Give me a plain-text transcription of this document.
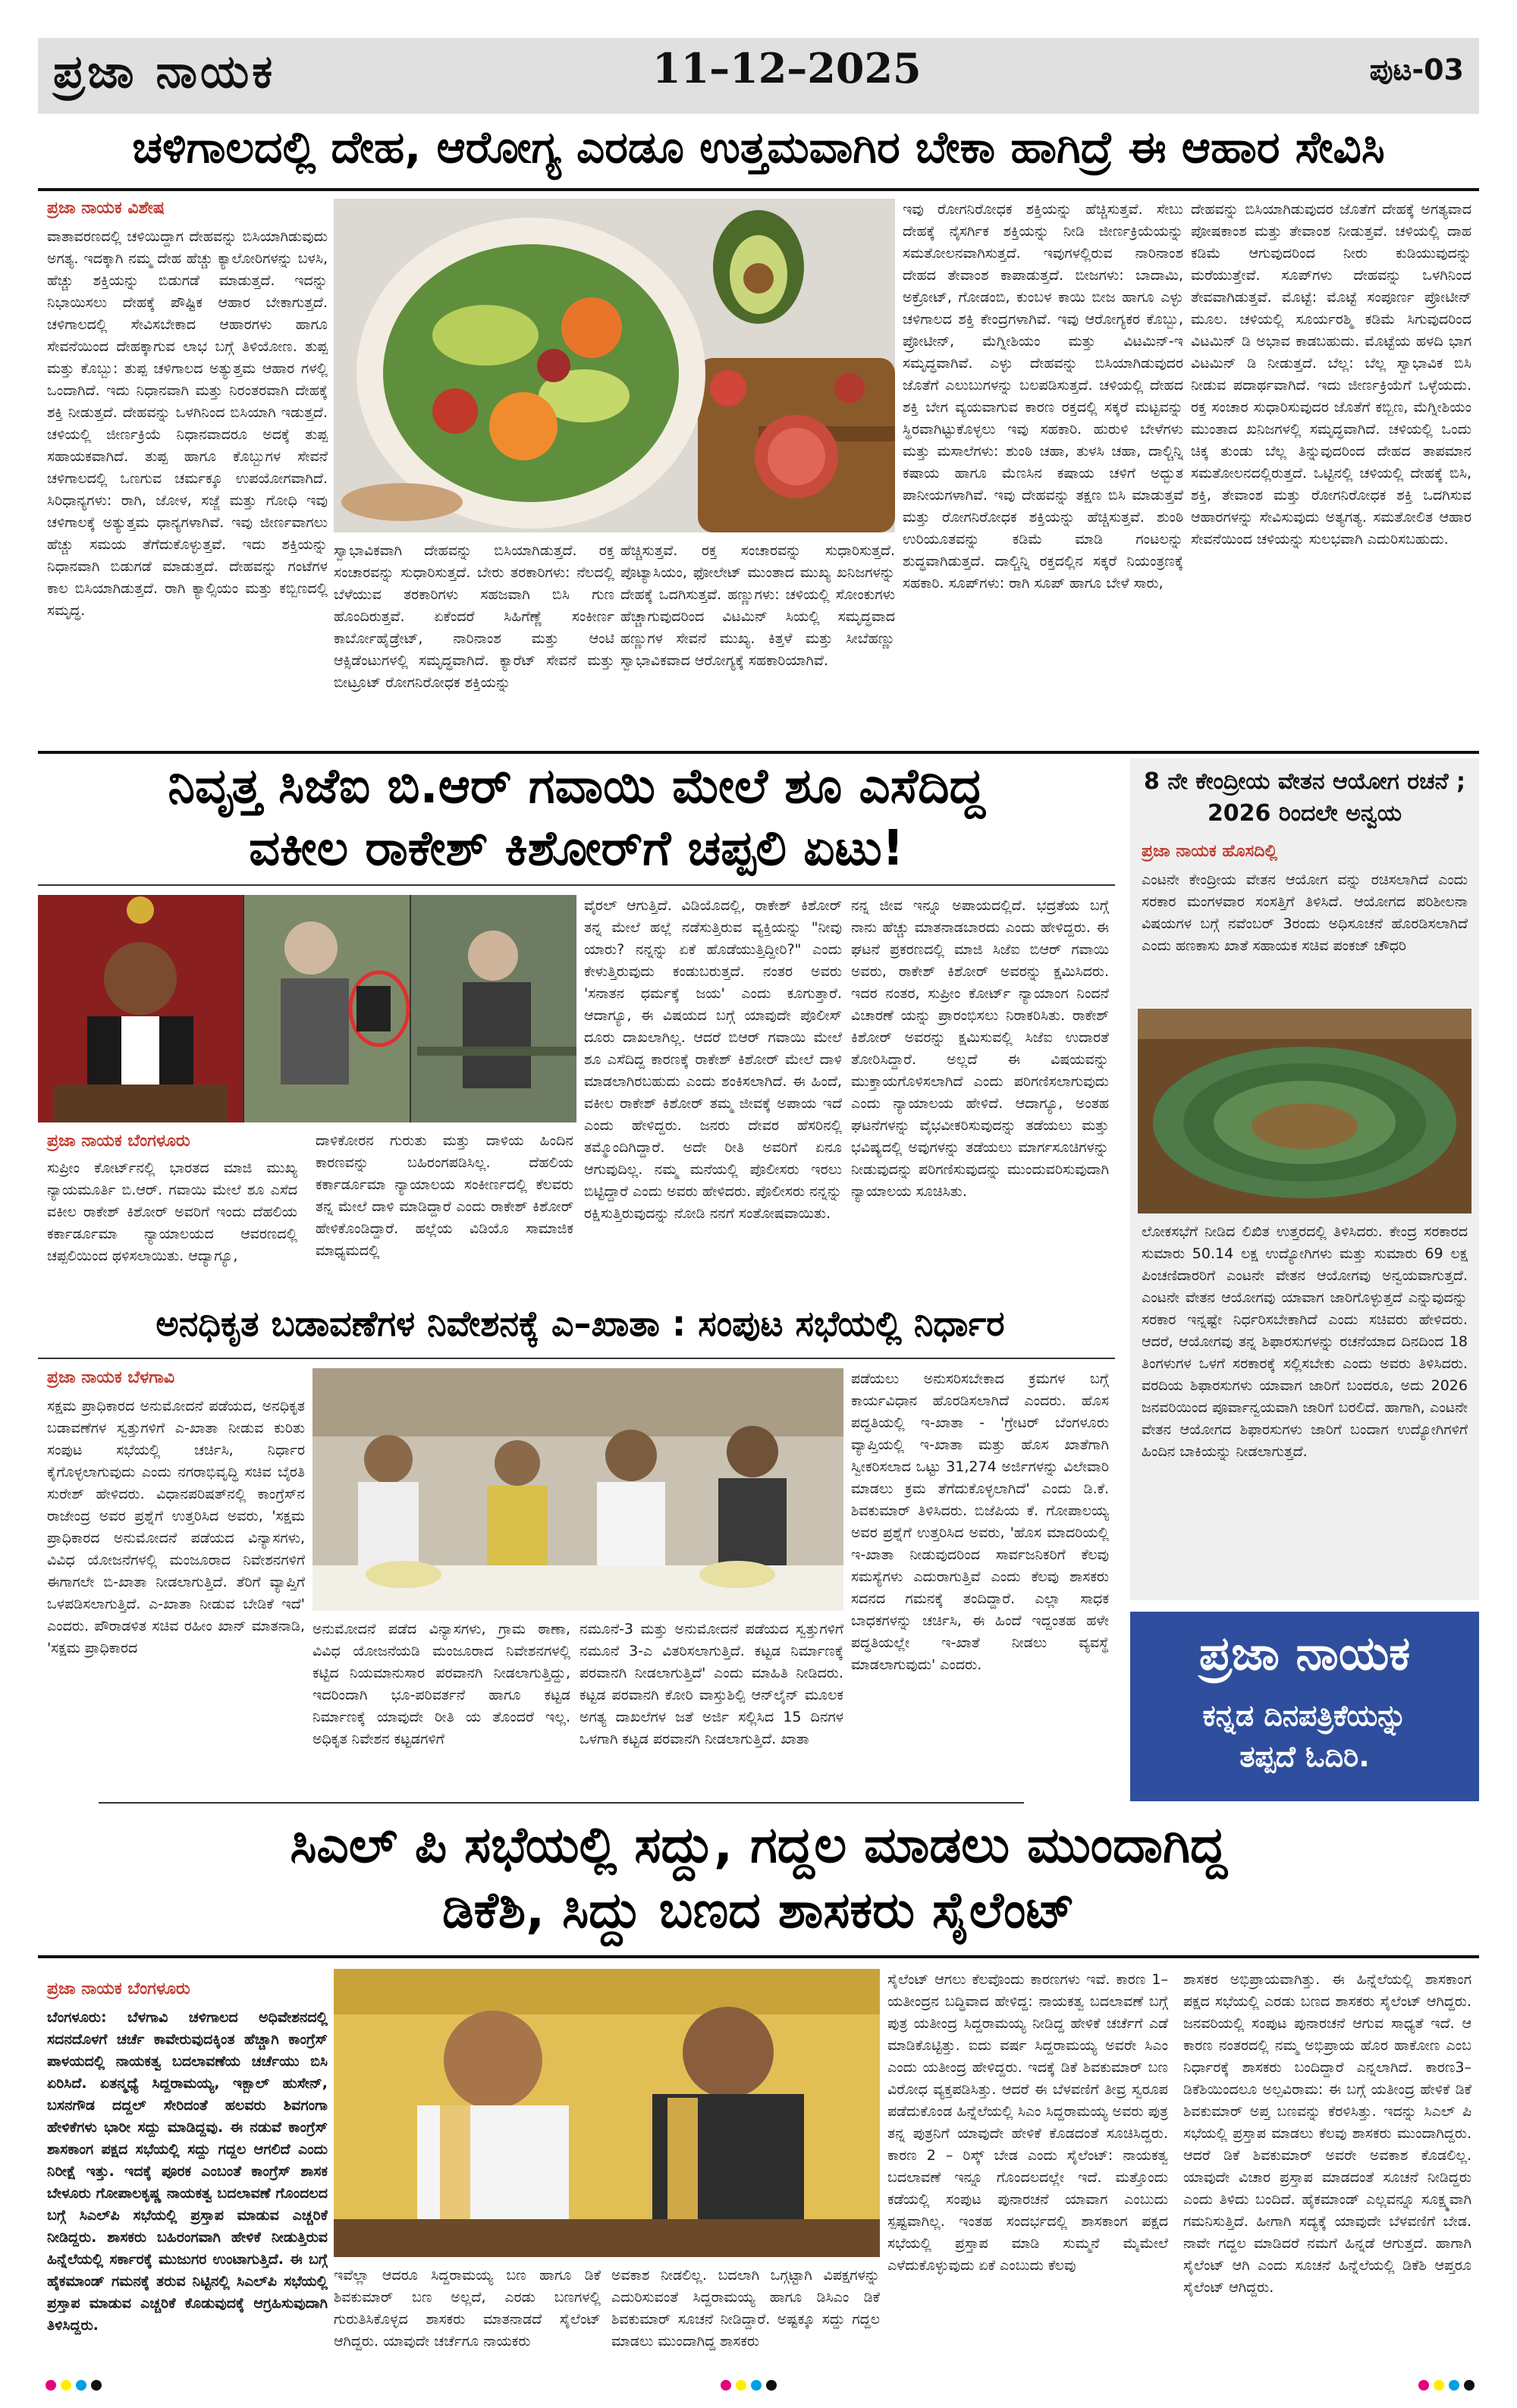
ಪ್ರಜಾ ನಾಯಕ	11–12–2025	ಪುಟ-03
ಚಳಿಗಾಲದಲ್ಲಿ ದೇಹ, ಆರೋಗ್ಯ ಎರಡೂ ಉತ್ತಮವಾಗಿರ ಬೇಕಾ ಹಾಗಿದ್ರೆ ಈ ಆಹಾರ ಸೇವಿಸಿ
ಪ್ರಜಾ ನಾಯಕ ವಿಶೇಷ
ವಾತಾವರಣದಲ್ಲಿ ಚಳಿಯಿದ್ದಾಗ ದೇಹವನ್ನು ಬಿಸಿಯಾಗಿಡುವುದು ಅಗತ್ಯ. ಇದಕ್ಕಾಗಿ ನಮ್ಮ ದೇಹ ಹೆಚ್ಚು ಕ್ಯಾಲೋರಿಗಳನ್ನು ಬಳಸಿ, ಹೆಚ್ಚು ಶಕ್ತಿಯನ್ನು ಬಿಡುಗಡೆ ಮಾಡುತ್ತದೆ. ಇದನ್ನು ನಿಭಾಯಿಸಲು ದೇಹಕ್ಕೆ ಪೌಷ್ಟಿಕ ಆಹಾರ ಬೇಕಾಗುತ್ತದೆ. ಚಳಿಗಾಲದಲ್ಲಿ ಸೇವಿಸಬೇಕಾದ ಆಹಾರಗಳು ಹಾಗೂ ಸೇವನೆಯಿಂದ ದೇಹಕ್ಕಾಗುವ ಲಾಭ ಬಗ್ಗೆ ತಿಳಿಯೋಣ. ತುಪ್ಪ ಮತ್ತು ಕೊಬ್ಬು: ತುಪ್ಪ ಚಳಿಗಾಲದ ಅತ್ಯುತ್ತಮ ಆಹಾರ ಗಳಲ್ಲಿ ಒಂದಾಗಿದೆ. ಇದು ನಿಧಾನವಾಗಿ ಮತ್ತು ನಿರಂತರವಾಗಿ ದೇಹಕ್ಕೆ ಶಕ್ತಿ ನೀಡುತ್ತದೆ. ದೇಹವನ್ನು ಒಳಗಿನಿಂದ ಬಿಸಿಯಾಗಿ ಇಡುತ್ತದೆ. ಚಳಿಯಲ್ಲಿ ಜೀರ್ಣಕ್ರಿಯೆ ನಿಧಾನವಾದರೂ ಅದಕ್ಕೆ ತುಪ್ಪ ಸಹಾಯಕವಾಗಿದೆ. ತುಪ್ಪ ಹಾಗೂ ಕೊಬ್ಬುಗಳ ಸೇವನೆ ಚಳಿಗಾಲದಲ್ಲಿ ಒಣಗುವ ಚರ್ಮಕ್ಕೂ ಉಪಯೋಗವಾಗಿದೆ. ಸಿರಿಧಾನ್ಯಗಳು: ರಾಗಿ, ಜೋಳ, ಸಜ್ಜೆ ಮತ್ತು ಗೋಧಿ ಇವು ಚಳಿಗಾಲಕ್ಕೆ ಅತ್ಯುತ್ತಮ ಧಾನ್ಯಗಳಾಗಿವೆ. ಇವು ಜೀರ್ಣವಾಗಲು ಹೆಚ್ಚು ಸಮಯ ತೆಗೆದುಕೊಳ್ಳುತ್ತವೆ. ಇದು ಶಕ್ತಿಯನ್ನು ನಿಧಾನವಾಗಿ ಬಿಡುಗಡೆ ಮಾಡುತ್ತದೆ. ದೇಹವನ್ನು ಗಂಟೆಗಳ ಕಾಲ ಬಿಸಿಯಾಗಿಡುತ್ತದೆ. ರಾಗಿ ಕ್ಯಾಲ್ಸಿಯಂ ಮತ್ತು ಕಬ್ಬಿಣದಲ್ಲಿ ಸಮೃದ್ಧ.
ಸ್ವಾಭಾವಿಕವಾಗಿ ದೇಹವನ್ನು ಬಿಸಿಯಾಗಿಡುತ್ತದೆ. ರಕ್ತ ಸಂಚಾರವನ್ನು ಸುಧಾರಿಸುತ್ತದೆ. ಬೇರು ತರಕಾರಿಗಳು: ನೆಲದಲ್ಲಿ ಬೆಳೆಯುವ ತರಕಾರಿಗಳು ಸಹಜವಾಗಿ ಬಿಸಿ ಗುಣ ಹೊಂದಿರುತ್ತವೆ. ಏಕೆಂದರೆ ಸಿಹಿಗೆಣ್ಣೆ ಸಂಕೀರ್ಣ ಕಾರ್ಬೋಹೈಡ್ರೇಟ್, ನಾರಿನಾಂಶ ಮತ್ತು ಆಂಟಿ ಆಕ್ಸಿಡೆಂಟುಗಳಲ್ಲಿ ಸಮೃದ್ಧವಾಗಿದೆ. ಕ್ಯಾರೆಟ್ ಸೇವನೆ ಮತ್ತು ಬೀಟ್ರೂಟ್ ರೋಗನಿರೋಧಕ ಶಕ್ತಿಯನ್ನು
ಹೆಚ್ಚಿಸುತ್ತವೆ. ರಕ್ತ ಸಂಚಾರವನ್ನು ಸುಧಾರಿಸುತ್ತದೆ. ಪೊಟ್ಯಾಸಿಯಂ, ಫೋಲೇಟ್ ಮುಂತಾದ ಮುಖ್ಯ ಖನಿಜಗಳನ್ನು ದೇಹಕ್ಕೆ ಒದಗಿಸುತ್ತವೆ. ಹಣ್ಣುಗಳು: ಚಳಿಯಲ್ಲಿ ಸೋಂಕುಗಳು ಹೆಚ್ಚಾಗುವುದರಿಂದ ವಿಟಮಿನ್ ಸಿಯಲ್ಲಿ ಸಮೃದ್ಧವಾದ ಹಣ್ಣುಗಳ ಸೇವನೆ ಮುಖ್ಯ. ಕಿತ್ತಳೆ ಮತ್ತು ಸೀಬೆಹಣ್ಣು ಸ್ವಾಭಾವಿಕವಾದ ಆರೋಗ್ಯಕ್ಕೆ ಸಹಕಾರಿಯಾಗಿವೆ.
ಇವು ರೋಗನಿರೋಧಕ ಶಕ್ತಿಯನ್ನು ಹೆಚ್ಚಿಸುತ್ತವೆ. ಸೇಬು ದೇಹಕ್ಕೆ ನೈಸರ್ಗಿಕ ಶಕ್ತಿಯನ್ನು ನೀಡಿ ಜೀರ್ಣಕ್ರಿಯೆಯನ್ನು ಸಮತೋಲನವಾಗಿಸುತ್ತದೆ. ಇವುಗಳಲ್ಲಿರುವ ನಾರಿನಾಂಶ ದೇಹದ ತೇವಾಂಶ ಕಾಪಾಡುತ್ತದೆ. ಬೀಜಗಳು: ಬಾದಾಮಿ, ಅಕ್ರೋಟ್, ಗೋಡಂಬಿ, ಕುಂಬಳ ಕಾಯಿ ಬೀಜ ಹಾಗೂ ಎಳ್ಳು ಚಳಿಗಾಲದ ಶಕ್ತಿ ಕೇಂದ್ರಗಳಾಗಿವೆ. ಇವು ಆರೋಗ್ಯಕರ ಕೊಬ್ಬು, ಪ್ರೋಟೀನ್, ಮೆಗ್ನೀಶಿಯಂ ಮತ್ತು ವಿಟಮಿನ್-ಇ ಸಮೃದ್ಧವಾಗಿವೆ. ಎಳ್ಳು ದೇಹವನ್ನು ಬಿಸಿಯಾಗಿಡುವುದರ ಜೊತೆಗೆ ಎಲುಬುಗಳನ್ನು ಬಲಪಡಿಸುತ್ತದೆ. ಚಳಿಯಲ್ಲಿ ದೇಹದ ಶಕ್ತಿ ಬೇಗ ವ್ಯಯವಾಗುವ ಕಾರಣ ರಕ್ತದಲ್ಲಿ ಸಕ್ಕರೆ ಮಟ್ಟವನ್ನು ಸ್ಥಿರವಾಗಿಟ್ಟುಕೊಳ್ಳಲು ಇವು ಸಹಕಾರಿ. ಹುರುಳಿ ಬೇಳೆಗಳು ಮತ್ತು ಮಸಾಲೆಗಳು: ಶುಂಠಿ ಚಹಾ, ತುಳಸಿ ಚಹಾ, ದಾಲ್ಚಿನ್ನಿ ಕಷಾಯ ಹಾಗೂ ಮೆಣಸಿನ ಕಷಾಯ ಚಳಿಗೆ ಅದ್ಭುತ ಪಾನೀಯಗಳಾಗಿವೆ. ಇವು ದೇಹವನ್ನು ತಕ್ಷಣ ಬಿಸಿ ಮಾಡುತ್ತವೆ ಮತ್ತು ರೋಗನಿರೋಧಕ ಶಕ್ತಿಯನ್ನು ಹೆಚ್ಚಿಸುತ್ತವೆ. ಶುಂಠಿ ಉರಿಯೂತವನ್ನು ಕಡಿಮೆ ಮಾಡಿ ಗಂಟಲನ್ನು ಶುದ್ಧವಾಗಿಡುತ್ತದೆ. ದಾಲ್ಚಿನ್ನಿ ರಕ್ತದಲ್ಲಿನ ಸಕ್ಕರೆ ನಿಯಂತ್ರಣಕ್ಕೆ ಸಹಕಾರಿ. ಸೂಪ್‌ಗಳು: ರಾಗಿ ಸೂಪ್ ಹಾಗೂ ಬೇಳೆ ಸಾರು,
ದೇಹವನ್ನು ಬಿಸಿಯಾಗಿಡುವುದರ ಜೊತೆಗೆ ದೇಹಕ್ಕೆ ಅಗತ್ಯವಾದ ಪೋಷಕಾಂಶ ಮತ್ತು ತೇವಾಂಶ ನೀಡುತ್ತವೆ. ಚಳಿಯಲ್ಲಿ ದಾಹ ಕಡಿಮೆ ಆಗುವುದರಿಂದ ನೀರು ಕುಡಿಯುವುದನ್ನು ಮರೆಯುತ್ತೇವೆ. ಸೂಪ್‌ಗಳು ದೇಹವನ್ನು ಒಳಗಿನಿಂದ ತೇವವಾಗಿಡುತ್ತವೆ. ಮೊಟ್ಟೆ: ಮೊಟ್ಟೆ ಸಂಪೂರ್ಣ ಪ್ರೋಟೀನ್ ಮೂಲ. ಚಳಿಯಲ್ಲಿ ಸೂರ್ಯರಶ್ಮಿ ಕಡಿಮೆ ಸಿಗುವುದರಿಂದ ವಿಟಮಿನ್ ಡಿ ಅಭಾವ ಕಾಡಬಹುದು. ಮೊಟ್ಟೆಯ ಹಳದಿ ಭಾಗ ವಿಟಮಿನ್ ಡಿ ನೀಡುತ್ತದೆ. ಬೆಲ್ಲ: ಬೆಲ್ಲ ಸ್ವಾಭಾವಿಕ ಬಿಸಿ ನೀಡುವ ಪದಾರ್ಥವಾಗಿದೆ. ಇದು ಜೀರ್ಣಕ್ರಿಯೆಗೆ ಒಳ್ಳೆಯದು. ರಕ್ತ ಸಂಚಾರ ಸುಧಾರಿಸುವುದರ ಜೊತೆಗೆ ಕಬ್ಬಿಣ, ಮೆಗ್ನೀಶಿಯಂ ಮುಂತಾದ ಖನಿಜಗಳಲ್ಲಿ ಸಮೃದ್ಧವಾಗಿದೆ. ಚಳಿಯಲ್ಲಿ ಒಂದು ಚಿಕ್ಕ ತುಂಡು ಬೆಲ್ಲ ತಿನ್ನುವುದರಿಂದ ದೇಹದ ತಾಪಮಾನ ಸಮತೋಲನದಲ್ಲಿರುತ್ತದೆ. ಒಟ್ಟಿನಲ್ಲಿ ಚಳಿಯಲ್ಲಿ ದೇಹಕ್ಕೆ ಬಿಸಿ, ಶಕ್ತಿ, ತೇವಾಂಶ ಮತ್ತು ರೋಗನಿರೋಧಕ ಶಕ್ತಿ ಒದಗಿಸುವ ಆಹಾರಗಳನ್ನು ಸೇವಿಸುವುದು ಅತ್ಯಗತ್ಯ. ಸಮತೋಲಿತ ಆಹಾರ ಸೇವನೆಯಿಂದ ಚಳಿಯನ್ನು ಸುಲಭವಾಗಿ ಎದುರಿಸಬಹುದು.
ನಿವೃತ್ತ ಸಿಜೆಐ ಬಿ.ಆರ್ ಗವಾಯಿ ಮೇಲೆ ಶೂ ಎಸೆದಿದ್ದ
ವಕೀಲ ರಾಕೇಶ್ ಕಿಶೋರ್‌ಗೆ ಚಪ್ಪಲಿ ಏಟು!
ಪ್ರಜಾ ನಾಯಕ ಬೆಂಗಳೂರು
ಸುಪ್ರೀಂ ಕೋರ್ಟ್‌ನಲ್ಲಿ ಭಾರತದ ಮಾಜಿ ಮುಖ್ಯ ನ್ಯಾಯಮೂರ್ತಿ ಬಿ.ಆರ್. ಗವಾಯಿ ಮೇಲೆ ಶೂ ಎಸೆದ ವಕೀಲ ರಾಕೇಶ್ ಕಿಶೋರ್ ಅವರಿಗೆ ಇಂದು ದೆಹಲಿಯ ಕರ್ಕಾರ್ಡೂಮಾ ನ್ಯಾಯಾಲಯದ ಆವರಣದಲ್ಲಿ ಚಪ್ಪಲಿಯಿಂದ ಥಳಿಸಲಾಯಿತು. ಆದ್ಯಾಗ್ಯೂ,
ದಾಳಿಕೋರನ ಗುರುತು ಮತ್ತು ದಾಳಿಯ ಹಿಂದಿನ ಕಾರಣವನ್ನು ಬಹಿರಂಗಪಡಿಸಿಲ್ಲ. ದೆಹಲಿಯ ಕರ್ಕಾರ್ಡೂಮಾ ನ್ಯಾಯಾಲಯ ಸಂಕೀರ್ಣದಲ್ಲಿ ಕೆಲವರು ತನ್ನ ಮೇಲೆ ದಾಳಿ ಮಾಡಿದ್ದಾರೆ ಎಂದು ರಾಕೇಶ್ ಕಿಶೋರ್ ಹೇಳಿಕೊಂಡಿದ್ದಾರೆ. ಹಲ್ಲೆಯ ವಿಡಿಯೊ ಸಾಮಾಜಿಕ ಮಾಧ್ಯಮದಲ್ಲಿ
ವೈರಲ್ ಆಗುತ್ತಿದೆ. ವಿಡಿಯೊದಲ್ಲಿ, ರಾಕೇಶ್ ಕಿಶೋರ್ ತನ್ನ ಮೇಲೆ ಹಲ್ಲೆ ನಡೆಸುತ್ತಿರುವ ವ್ಯಕ್ತಿಯನ್ನು "ನೀವು ಯಾರು? ನನ್ನನ್ನು ಏಕೆ ಹೊಡೆಯುತ್ತಿದ್ದೀರಿ?" ಎಂದು ಕೇಳುತ್ತಿರುವುದು ಕಂಡುಬರುತ್ತದೆ. ನಂತರ ಅವರು 'ಸನಾತನ ಧರ್ಮಕ್ಕೆ ಜಯ' ಎಂದು ಕೂಗುತ್ತಾರೆ. ಆದಾಗ್ಯೂ, ಈ ವಿಷಯದ ಬಗ್ಗೆ ಯಾವುದೇ ಪೊಲೀಸ್ ದೂರು ದಾಖಲಾಗಿಲ್ಲ. ಆದರೆ ಬಿಆರ್ ಗವಾಯಿ ಮೇಲೆ ಶೂ ಎಸೆದಿದ್ದ ಕಾರಣಕ್ಕೆ ರಾಕೇಶ್ ಕಿಶೋರ್ ಮೇಲೆ ದಾಳಿ ಮಾಡಲಾಗಿರಬಹುದು ಎಂದು ಶಂಕಿಸಲಾಗಿದೆ. ಈ ಹಿಂದೆ, ವಕೀಲ ರಾಕೇಶ್ ಕಿಶೋರ್ ತಮ್ಮ ಜೀವಕ್ಕೆ ಅಪಾಯ ಇದೆ ಎಂದು ಹೇಳಿದ್ದರು. ಜನರು ದೇವರ ಹೆಸರಿನಲ್ಲಿ ತಮ್ಮೊಂದಿಗಿದ್ದಾರೆ. ಅದೇ ರೀತಿ ಅವರಿಗೆ ಏನೂ ಆಗುವುದಿಲ್ಲ. ನಮ್ಮ ಮನೆಯಲ್ಲಿ ಪೊಲೀಸರು ಇರಲು ಬಿಟ್ಟಿದ್ದಾರೆ ಎಂದು ಅವರು ಹೇಳಿದರು. ಪೊಲೀಸರು ನನ್ನನ್ನು ರಕ್ಷಿಸುತ್ತಿರುವುದನ್ನು ನೋಡಿ ನನಗೆ ಸಂತೋಷವಾಯಿತು.
ನನ್ನ ಜೀವ ಇನ್ನೂ ಅಪಾಯದಲ್ಲಿದೆ. ಭದ್ರತೆಯ ಬಗ್ಗೆ ನಾನು ಹೆಚ್ಚು ಮಾತನಾಡಬಾರದು ಎಂದು ಹೇಳಿದ್ದರು. ಈ ಘಟನೆ ಪ್ರಕರಣದಲ್ಲಿ ಮಾಜಿ ಸಿಜೆಐ ಬಿಆರ್ ಗವಾಯಿ ಅವರು, ರಾಕೇಶ್ ಕಿಶೋರ್ ಅವರನ್ನು ಕ್ಷಮಿಸಿದರು. ಇದರ ನಂತರ, ಸುಪ್ರೀಂ ಕೋರ್ಟ್ ನ್ಯಾಯಾಂಗ ನಿಂದನೆ ವಿಚಾರಣೆ ಯನ್ನು ಪ್ರಾರಂಭಿಸಲು ನಿರಾಕರಿಸಿತು. ರಾಕೇಶ್ ಕಿಶೋರ್ ಅವರನ್ನು ಕ್ಷಮಿಸುವಲ್ಲಿ ಸಿಜೆಐ ಉದಾರತೆ ತೋರಿಸಿದ್ದಾರೆ. ಅಲ್ಲದೆ ಈ ವಿಷಯವನ್ನು ಮುಕ್ತಾಯಗೊಳಿಸಲಾಗಿದೆ ಎಂದು ಪರಿಗಣಿಸಲಾಗುವುದು ಎಂದು ನ್ಯಾಯಾಲಯ ಹೇಳಿದೆ. ಆದಾಗ್ಯೂ, ಅಂತಹ ಘಟನೆಗಳನ್ನು ವೈಭವೀಕರಿಸುವುದನ್ನು ತಡೆಯಲು ಮತ್ತು ಭವಿಷ್ಯದಲ್ಲಿ ಅವುಗಳನ್ನು ತಡೆಯಲು ಮಾರ್ಗಸೂಚಿಗಳನ್ನು ನೀಡುವುದನ್ನು ಪರಿಗಣಿಸುವುದನ್ನು ಮುಂದುವರಿಸುವುದಾಗಿ ನ್ಯಾಯಾಲಯ ಸೂಚಿಸಿತು.
8 ನೇ ಕೇಂದ್ರೀಯ ವೇತನ ಆಯೋಗ ರಚನೆ ; 2026 ರಿಂದಲೇ ಅನ್ವಯ
ಪ್ರಜಾ ನಾಯಕ ಹೊಸದಿಲ್ಲಿ
ಎಂಟನೇ ಕೇಂದ್ರೀಯ ವೇತನ ಆಯೋಗ ವನ್ನು ರಚಿಸಲಾಗಿದೆ ಎಂದು ಸರಕಾರ ಮಂಗಳವಾರ ಸಂಸತ್ತಿಗೆ ತಿಳಿಸಿದೆ. ಆಯೋಗದ ಪರಿಶೀಲನಾ ವಿಷಯಗಳ ಬಗ್ಗೆ ನವೆಂಬರ್ 3ರಂದು ಅಧಿಸೂಚನೆ ಹೊರಡಿಸಲಾಗಿದೆ ಎಂದು ಹಣಕಾಸು ಖಾತೆ ಸಹಾಯಕ ಸಚಿವ ಪಂಕಜ್ ಚೌಧರಿ
ಲೋಕಸಭೆಗೆ ನೀಡಿದ ಲಿಖಿತ ಉತ್ತರದಲ್ಲಿ ತಿಳಿಸಿದರು. ಕೇಂದ್ರ ಸರಕಾರದ ಸುಮಾರು 50.14 ಲಕ್ಷ ಉದ್ಯೋಗಿಗಳು ಮತ್ತು ಸುಮಾರು 69 ಲಕ್ಷ ಪಿಂಚಣಿದಾರರಿಗೆ ಎಂಟನೇ ವೇತನ ಆಯೋಗವು ಅನ್ವಯವಾಗುತ್ತದೆ. ಎಂಟನೇ ವೇತನ ಆಯೋಗವು ಯಾವಾಗ ಜಾರಿಗೊಳ್ಳುತ್ತದೆ ಎನ್ನುವುದನ್ನು ಸರಕಾರ ಇನ್ನಷ್ಟೇ ನಿರ್ಧರಿಸಬೇಕಾಗಿದೆ ಎಂದು ಸಚಿವರು ಹೇಳಿದರು. ಆದರೆ, ಆಯೋಗವು ತನ್ನ ಶಿಫಾರಸುಗಳನ್ನು ರಚನೆಯಾದ ದಿನದಿಂದ 18 ತಿಂಗಳುಗಳ ಒಳಗೆ ಸರಕಾರಕ್ಕೆ ಸಲ್ಲಿಸಬೇಕು ಎಂದು ಅವರು ತಿಳಿಸಿದರು. ವರದಿಯ ಶಿಫಾರಸುಗಳು ಯಾವಾಗ ಜಾರಿಗೆ ಬಂದರೂ, ಅದು 2026 ಜನವರಿಯಿಂದ ಪೂರ್ವಾನ್ವಯವಾಗಿ ಜಾರಿಗೆ ಬರಲಿದೆ. ಹಾಗಾಗಿ, ಎಂಟನೇ ವೇತನ ಆಯೋಗದ ಶಿಫಾರಸುಗಳು ಜಾರಿಗೆ ಬಂದಾಗ ಉದ್ಯೋಗಿಗಳಿಗೆ ಹಿಂದಿನ ಬಾಕಿಯನ್ನು ನೀಡಲಾಗುತ್ತದೆ.
ಪ್ರಜಾ ನಾಯಕ
ಕನ್ನಡ ದಿನಪತ್ರಿಕೆಯನ್ನು
ತಪ್ಪದೆ ಓದಿರಿ.
ಅನಧಿಕೃತ ಬಡಾವಣೆಗಳ ನಿವೇಶನಕ್ಕೆ ಎ–ಖಾತಾ : ಸಂಪುಟ ಸಭೆಯಲ್ಲಿ ನಿರ್ಧಾರ
ಪ್ರಜಾ ನಾಯಕ ಬೆಳಗಾವಿ
ಸಕ್ಷಮ ಪ್ರಾಧಿಕಾರದ ಅನುಮೋದನೆ ಪಡೆಯದ, ಅನಧಿಕೃತ ಬಡಾವಣೆಗಳ ಸ್ವತ್ತುಗಳಿಗೆ ಎ-ಖಾತಾ ನೀಡುವ ಕುರಿತು ಸಂಪುಟ ಸಭೆಯಲ್ಲಿ ಚರ್ಚಿಸಿ, ನಿರ್ಧಾರ ಕೈಗೊಳ್ಳಲಾಗುವುದು ಎಂದು ನಗರಾಭಿವೃದ್ಧಿ ಸಚಿವ ಬೈರತಿ ಸುರೇಶ್ ಹೇಳಿದರು. ವಿಧಾನಪರಿಷತ್‌ನಲ್ಲಿ ಕಾಂಗ್ರೆಸ್‌ನ ರಾಜೇಂದ್ರ ಅವರ ಪ್ರಶ್ನೆಗೆ ಉತ್ತರಿಸಿದ ಅವರು, 'ಸಕ್ಷಮ ಪ್ರಾಧಿಕಾರದ ಅನುಮೋದನೆ ಪಡೆಯದ ವಿನ್ಯಾಸಗಳು, ವಿವಿಧ ಯೋಜನೆಗಳಲ್ಲಿ ಮಂಜೂರಾದ ನಿವೇಶನಗಳಿಗೆ ಈಗಾಗಲೇ ಬಿ-ಖಾತಾ ನೀಡಲಾಗುತ್ತಿದೆ. ತೆರಿಗೆ ವ್ಯಾಪ್ತಿಗೆ ಒಳಪಡಿಸಲಾಗುತ್ತಿದೆ. ಎ-ಖಾತಾ ನೀಡುವ ಬೇಡಿಕೆ ಇದೆ' ಎಂದರು. ಪೌರಾಡಳಿತ ಸಚಿವ ರಹೀಂ ಖಾನ್ ಮಾತನಾಡಿ, 'ಸಕ್ಷಮ ಪ್ರಾಧಿಕಾರದ
ಅನುಮೋದನೆ ಪಡೆದ ವಿನ್ಯಾಸಗಳು, ಗ್ರಾಮ ಠಾಣಾ, ವಿವಿಧ ಯೋಜನೆಯಡಿ ಮಂಜೂರಾದ ನಿವೇಶನಗಳಲ್ಲಿ ಕಟ್ಟಿದ ನಿಯಮಾನುಸಾರ ಪರವಾನಗಿ ನೀಡಲಾಗುತ್ತಿದ್ದು, ಇದರಿಂದಾಗಿ ಭೂ-ಪರಿವರ್ತನೆ ಹಾಗೂ ಕಟ್ಟಡ ನಿರ್ಮಾಣಕ್ಕೆ ಯಾವುದೇ ರೀತಿ ಯ ತೊಂದರೆ ಇಲ್ಲ. ಅಧಿಕೃತ ನಿವೇಶನ ಕಟ್ಟಡಗಳಿಗೆ
ನಮೂನೆ-3 ಮತ್ತು ಅನುಮೋದನೆ ಪಡೆಯದ ಸ್ವತ್ತುಗಳಿಗೆ ನಮೂನೆ 3-ಎ ವಿತರಿಸಲಾಗುತ್ತಿದೆ. ಕಟ್ಟಡ ನಿರ್ಮಾಣಕ್ಕೆ ಪರವಾನಗಿ ನೀಡಲಾಗುತ್ತಿದೆ' ಎಂದು ಮಾಹಿತಿ ನೀಡಿದರು. ಕಟ್ಟಡ ಪರವಾನಗಿ ಕೋರಿ ವಾಸ್ತುಶಿಲ್ಪಿ ಆನ್‌ಲೈನ್ ಮೂಲಕ ಅಗತ್ಯ ದಾಖಲೆಗಳ ಜತೆ ಅರ್ಜಿ ಸಲ್ಲಿಸಿದ 15 ದಿನಗಳ ಒಳಗಾಗಿ ಕಟ್ಟಡ ಪರವಾನಗಿ ನೀಡಲಾಗುತ್ತಿದೆ. ಖಾತಾ
ಪಡೆಯಲು ಅನುಸರಿಸಬೇಕಾದ ಕ್ರಮಗಳ ಬಗ್ಗೆ ಕಾರ್ಯವಿಧಾನ ಹೊರಡಿಸಲಾಗಿದೆ ಎಂದರು. ಹೊಸ ಪದ್ಧತಿಯಲ್ಲಿ ಇ-ಖಾತಾ - 'ಗ್ರೇಟರ್ ಬೆಂಗಳೂರು ವ್ಯಾಪ್ತಿಯಲ್ಲಿ ಇ-ಖಾತಾ ಮತ್ತು ಹೊಸ ಖಾತೆಗಾಗಿ ಸ್ವೀಕರಿಸಲಾದ ಒಟ್ಟು 31,274 ಅರ್ಜಿಗಳನ್ನು ವಿಲೇವಾರಿ ಮಾಡಲು ಕ್ರಮ ತೆಗೆದುಕೊಳ್ಳಲಾಗಿದೆ' ಎಂದು ಡಿ.ಕೆ. ಶಿವಕುಮಾರ್ ತಿಳಿಸಿದರು. ಬಿಜೆಪಿಯ ಕೆ. ಗೋಪಾಲಯ್ಯ ಅವರ ಪ್ರಶ್ನೆಗೆ ಉತ್ತರಿಸಿದ ಅವರು, 'ಹೊಸ ಮಾದರಿಯಲ್ಲಿ ಇ-ಖಾತಾ ನೀಡುವುದರಿಂದ ಸಾರ್ವಜನಿಕರಿಗೆ ಕೆಲವು ಸಮಸ್ಯೆಗಳು ಎದುರಾಗುತ್ತಿವೆ ಎಂದು ಕೆಲವು ಶಾಸಕರು ಸದನದ ಗಮನಕ್ಕೆ ತಂದಿದ್ದಾರೆ. ಎಲ್ಲಾ ಸಾಧಕ ಬಾಧಕಗಳನ್ನು ಚರ್ಚಿಸಿ, ಈ ಹಿಂದೆ ಇದ್ದಂತಹ ಹಳೇ ಪದ್ಧತಿಯಲ್ಲೇ ಇ-ಖಾತೆ ನೀಡಲು ವ್ಯವಸ್ಥೆ ಮಾಡಲಾಗುವುದು' ಎಂದರು.
ಸಿಎಲ್ ಪಿ ಸಭೆಯಲ್ಲಿ ಸದ್ದು, ಗದ್ದಲ ಮಾಡಲು ಮುಂದಾಗಿದ್ದ
ಡಿಕೆಶಿ, ಸಿದ್ದು ಬಣದ ಶಾಸಕರು ಸೈಲೆಂಟ್
ಪ್ರಜಾ ನಾಯಕ ಬೆಂಗಳೂರು
ಬೆಂಗಳೂರು: ಬೆಳಗಾವಿ ಚಳಿಗಾಲದ ಅಧಿವೇಶನದಲ್ಲಿ ಸದನದೊಳಗೆ ಚರ್ಚೆ ಕಾವೇರುವುದಕ್ಕಿಂತ ಹೆಚ್ಚಾಗಿ ಕಾಂಗ್ರೆಸ್ ಪಾಳಯದಲ್ಲಿ ನಾಯಕತ್ವ ಬದಲಾವಣೆಯ ಚರ್ಚೆಯು ಬಿಸಿ ಏರಿಸಿದೆ. ಏತನ್ಮಧ್ಯೆ ಸಿದ್ದರಾಮಯ್ಯ, ಇಕ್ಬಾಲ್ ಹುಸೇನ್, ಬಸನಗೌಡ ದದ್ದಲ್ ಸೇರಿದಂತೆ ಹಲವರು ಶಿವಗಂಗಾ ಹೇಳಿಕೆಗಳು ಭಾರೀ ಸದ್ದು ಮಾಡಿದ್ದವು. ಈ ನಡುವೆ ಕಾಂಗ್ರೆಸ್ ಶಾಸಕಾಂಗ ಪಕ್ಷದ ಸಭೆಯಲ್ಲಿ ಸದ್ದು ಗದ್ದಲ ಆಗಲಿದೆ ಎಂದು ನಿರೀಕ್ಷೆ ಇತ್ತು. ಇದಕ್ಕೆ ಪೂರಕ ಎಂಬಂತೆ ಕಾಂಗ್ರೆಸ್ ಶಾಸಕ ಬೇಳೂರು ಗೋಪಾಲಕೃಷ್ಣ ನಾಯಕತ್ವ ಬದಲಾವಣೆ ಗೊಂದಲದ ಬಗ್ಗೆ ಸಿಎಲ್‌ಪಿ ಸಭೆಯಲ್ಲಿ ಪ್ರಸ್ತಾಪ ಮಾಡುವ ಎಚ್ಚರಿಕೆ ನೀಡಿದ್ದರು. ಶಾಸಕರು ಬಹಿರಂಗವಾಗಿ ಹೇಳಿಕೆ ನೀಡುತ್ತಿರುವ ಹಿನ್ನೆಲೆಯಲ್ಲಿ ಸರ್ಕಾರಕ್ಕೆ ಮುಜುಗರ ಉಂಟಾಗುತ್ತಿದೆ. ಈ ಬಗ್ಗೆ ಹೈಕಮಾಂಡ್ ಗಮನಕ್ಕೆ ತರುವ ನಿಟ್ಟಿನಲ್ಲಿ ಸಿಎಲ್‌ಪಿ ಸಭೆಯಲ್ಲಿ ಪ್ರಸ್ತಾಪ ಮಾಡುವ ಎಚ್ಚರಿಕೆ ಕೊಡುವುದಕ್ಕೆ ಆಗ್ರಹಿಸುವುದಾಗಿ ತಿಳಿಸಿದ್ದರು.
ಇವೆಲ್ಲಾ ಆದರೂ ಸಿದ್ದರಾಮಯ್ಯ ಬಣ ಹಾಗೂ ಡಿಕೆ ಶಿವಕುಮಾರ್ ಬಣ ಅಲ್ಲದೆ, ಎರಡು ಬಣಗಳಲ್ಲಿ ಗುರುತಿಸಿಕೊಳ್ಳದ ಶಾಸಕರು ಮಾತನಾಡದೆ ಸೈಲೆಂಟ್ ಆಗಿದ್ದರು. ಯಾವುದೇ ಚರ್ಚೆಗೂ ನಾಯಕರು
ಅವಕಾಶ ನೀಡಲಿಲ್ಲ. ಬದಲಾಗಿ ಒಗ್ಗಟ್ಟಾಗಿ ವಿಪಕ್ಷಗಳನ್ನು ಎದುರಿಸುವಂತೆ ಸಿದ್ದರಾಮಯ್ಯ ಹಾಗೂ ಡಿಸಿಎಂ ಡಿಕೆ ಶಿವಕುಮಾರ್ ಸೂಚನೆ ನೀಡಿದ್ದಾರೆ. ಅಷ್ಟಕ್ಕೂ ಸದ್ದು ಗದ್ದಲ ಮಾಡಲು ಮುಂದಾಗಿದ್ದ ಶಾಸಕರು
ಸೈಲೆಂಟ್ ಆಗಲು ಕೆಲವೊಂದು ಕಾರಣಗಳು ಇವೆ. ಕಾರಣ 1– ಯತೀಂದ್ರನ ಬದ್ಧಿವಾದ ಹೇಳಿದ್ದ: ನಾಯಕತ್ವ ಬದಲಾವಣೆ ಬಗ್ಗೆ ಪುತ್ರ ಯತೀಂದ್ರ ಸಿದ್ದರಾಮಯ್ಯ ನೀಡಿದ್ದ ಹೇಳಿಕೆ ಚರ್ಚೆಗೆ ಎಡೆ ಮಾಡಿಕೊಟ್ಟಿತ್ತು. ಐದು ವರ್ಷ ಸಿದ್ದರಾಮಯ್ಯ ಅವರೇ ಸಿಎಂ ಎಂದು ಯತೀಂದ್ರ ಹೇಳಿದ್ದರು. ಇದಕ್ಕೆ ಡಿಕೆ ಶಿವಕುಮಾರ್ ಬಣ ವಿರೋಧ ವ್ಯಕ್ತಪಡಿಸಿತ್ತು. ಆದರೆ ಈ ಬೆಳವಣಿಗೆ ತೀವ್ರ ಸ್ವರೂಪ ಪಡೆದುಕೊಂಡ ಹಿನ್ನೆಲೆಯಲ್ಲಿ ಸಿಎಂ ಸಿದ್ದರಾಮಯ್ಯ ಅವರು ಪುತ್ರ ತನ್ನ ಪುತ್ರನಿಗೆ ಯಾವುದೇ ಹೇಳಿಕೆ ಕೊಡದಂತೆ ಸೂಚಿಸಿದ್ದರು. ಕಾರಣ 2 – ರಿಸ್ಕ್ ಬೇಡ ಎಂದು ಸೈಲೆಂಟ್: ನಾಯಕತ್ವ ಬದಲಾವಣೆ ಇನ್ನೂ ಗೊಂದಲದಲ್ಲೇ ಇದೆ. ಮತ್ತೊಂದು ಕಡೆಯಲ್ಲಿ ಸಂಪುಟ ಪುನಾರಚನೆ ಯಾವಾಗ ಎಂಬುದು ಸ್ಪಷ್ಟವಾಗಿಲ್ಲ. ಇಂತಹ ಸಂದರ್ಭದಲ್ಲಿ ಶಾಸಕಾಂಗ ಪಕ್ಷದ ಸಭೆಯಲ್ಲಿ ಪ್ರಸ್ತಾಪ ಮಾಡಿ ಸುಮ್ಮನೆ ಮೈಮೇಲೆ ಎಳೆದುಕೊಳ್ಳುವುದು ಏಕೆ ಎಂಬುದು ಕೆಲವು
ಶಾಸಕರ ಅಭಿಪ್ರಾಯವಾಗಿತ್ತು. ಈ ಹಿನ್ನೆಲೆಯಲ್ಲಿ ಶಾಸಕಾಂಗ ಪಕ್ಷದ ಸಭೆಯಲ್ಲಿ ಎರಡು ಬಣದ ಶಾಸಕರು ಸೈಲೆಂಟ್ ಆಗಿದ್ದರು. ಜನವರಿಯಲ್ಲಿ ಸಂಪುಟ ಪುನಾರಚನೆ ಆಗುವ ಸಾಧ್ಯತೆ ಇದೆ. ಆ ಕಾರಣ ನಂತರದಲ್ಲಿ ನಮ್ಮ ಅಭಿಪ್ರಾಯ ಹೊರ ಹಾಕೋಣ ಎಂಬ ನಿರ್ಧಾರಕ್ಕೆ ಶಾಸಕರು ಬಂದಿದ್ದಾರೆ ಎನ್ನಲಾಗಿದೆ. ಕಾರಣ3– ಡಿಕೆಶಿಯಿಂದಲೂ ಅಲ್ಪವಿರಾಮ: ಈ ಬಗ್ಗೆ ಯತೀಂದ್ರ ಹೇಳಿಕೆ ಡಿಕೆ ಶಿವಕುಮಾರ್ ಅಪ್ತ ಬಣವನ್ನು ಕೆರಳಿಸಿತ್ತು. ಇದನ್ನು ಸಿಎಲ್ ಪಿ ಸಭೆಯಲ್ಲಿ ಪ್ರಸ್ತಾಪ ಮಾಡಲು ಕೆಲವು ಶಾಸಕರು ಮುಂದಾಗಿದ್ದರು. ಆದರೆ ಡಿಕೆ ಶಿವಕುಮಾರ್ ಅವರೇ ಅವಕಾಶ ಕೊಡಲಿಲ್ಲ. ಯಾವುದೇ ವಿಚಾರ ಪ್ರಸ್ತಾಪ ಮಾಡದಂತೆ ಸೂಚನೆ ನೀಡಿದ್ದರು ಎಂದು ತಿಳಿದು ಬಂದಿದೆ. ಹೈಕಮಾಂಡ್ ಎಲ್ಲವನ್ನೂ ಸೂಕ್ಷ್ಮವಾಗಿ ಗಮನಿಸುತ್ತಿದೆ. ಹೀಗಾಗಿ ಸದ್ಯಕ್ಕೆ ಯಾವುದೇ ಬೆಳವಣಿಗೆ ಬೇಡ. ನಾವೇ ಗದ್ದಲ ಮಾಡಿದರೆ ನಮಗೆ ಹಿನ್ನಡೆ ಆಗುತ್ತದೆ. ಹಾಗಾಗಿ ಸೈಲೆಂಟ್ ಆಗಿ ಎಂದು ಸೂಚನೆ ಹಿನ್ನೆಲೆಯಲ್ಲಿ ಡಿಕೆಶಿ ಆಪ್ತರೂ ಸೈಲೆಂಟ್ ಆಗಿದ್ದರು.
